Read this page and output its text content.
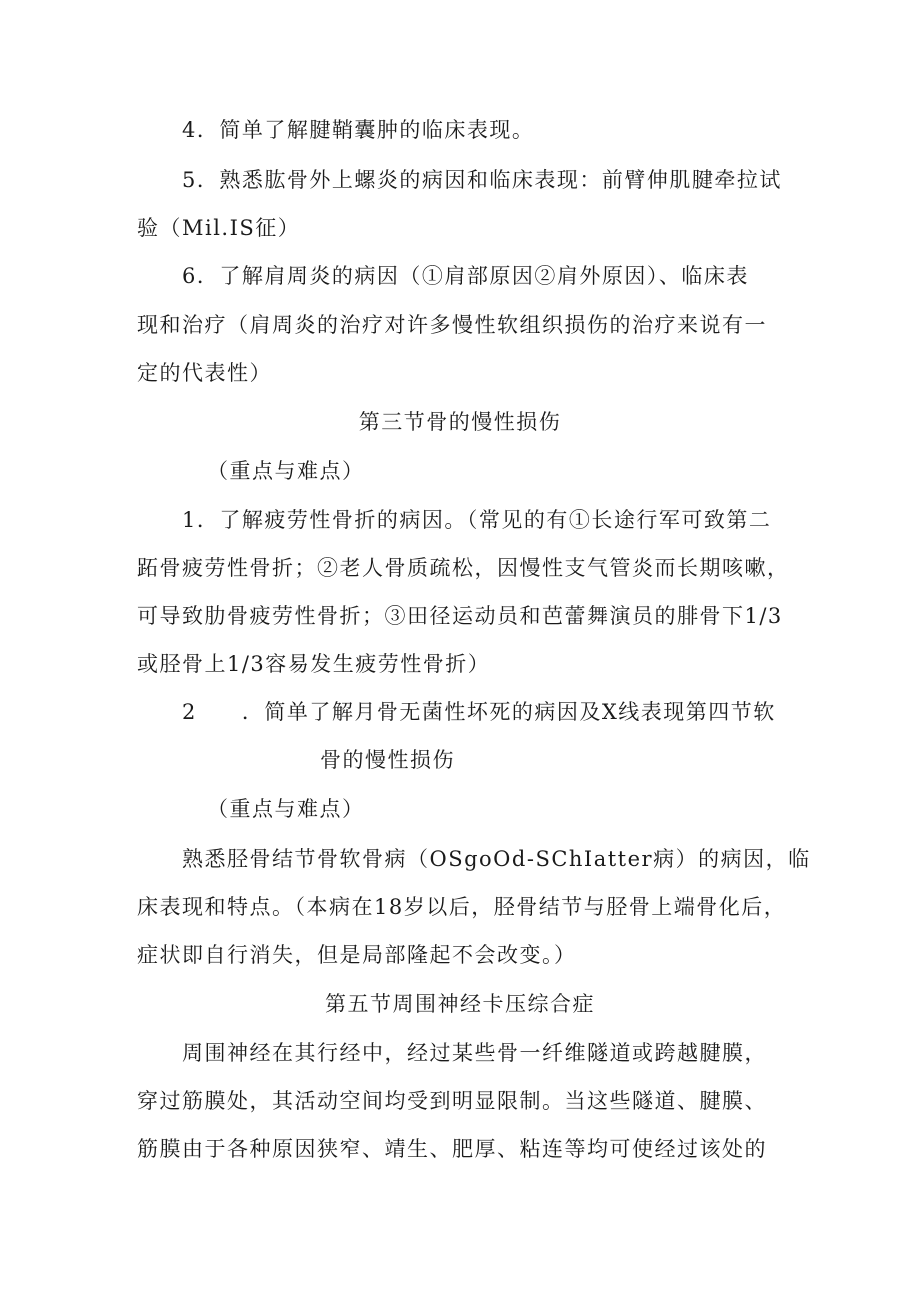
4．简单了解腱鞘囊肿的临床表现。
5．熟悉肱骨外上螺炎的病因和临床表现：前臂伸肌腱牵拉试
验（Mil.IS征）
6．了解肩周炎的病因（①肩部原因②肩外原因）、临床表
现和治疗（肩周炎的治疗对许多慢性软组织损伤的治疗来说有一
定的代表性）
第三节骨的慢性损伤
（重点与难点）
1．了解疲劳性骨折的病因。（常见的有①长途行军可致第二
跖骨疲劳性骨折；②老人骨质疏松，因慢性支气管炎而长期咳嗽，
可导致肋骨疲劳性骨折；③田径运动员和芭蕾舞演员的腓骨下1/3
或胫骨上1/3容易发生疲劳性骨折）
2　　．简单了解月骨无菌性坏死的病因及X线表现第四节软
骨的慢性损伤
（重点与难点）
熟悉胫骨结节骨软骨病（OSgoOd-SChIatter病）的病因，临
床表现和特点。（本病在18岁以后，胫骨结节与胫骨上端骨化后，
症状即自行消失，但是局部隆起不会改变。）
第五节周围神经卡压综合症
周围神经在其行经中，经过某些骨一纤维隧道或跨越腱膜，
穿过筋膜处，其活动空间均受到明显限制。当这些隧道、腱膜、
筋膜由于各种原因狭窄、靖生、肥厚、粘连等均可使经过该处的
